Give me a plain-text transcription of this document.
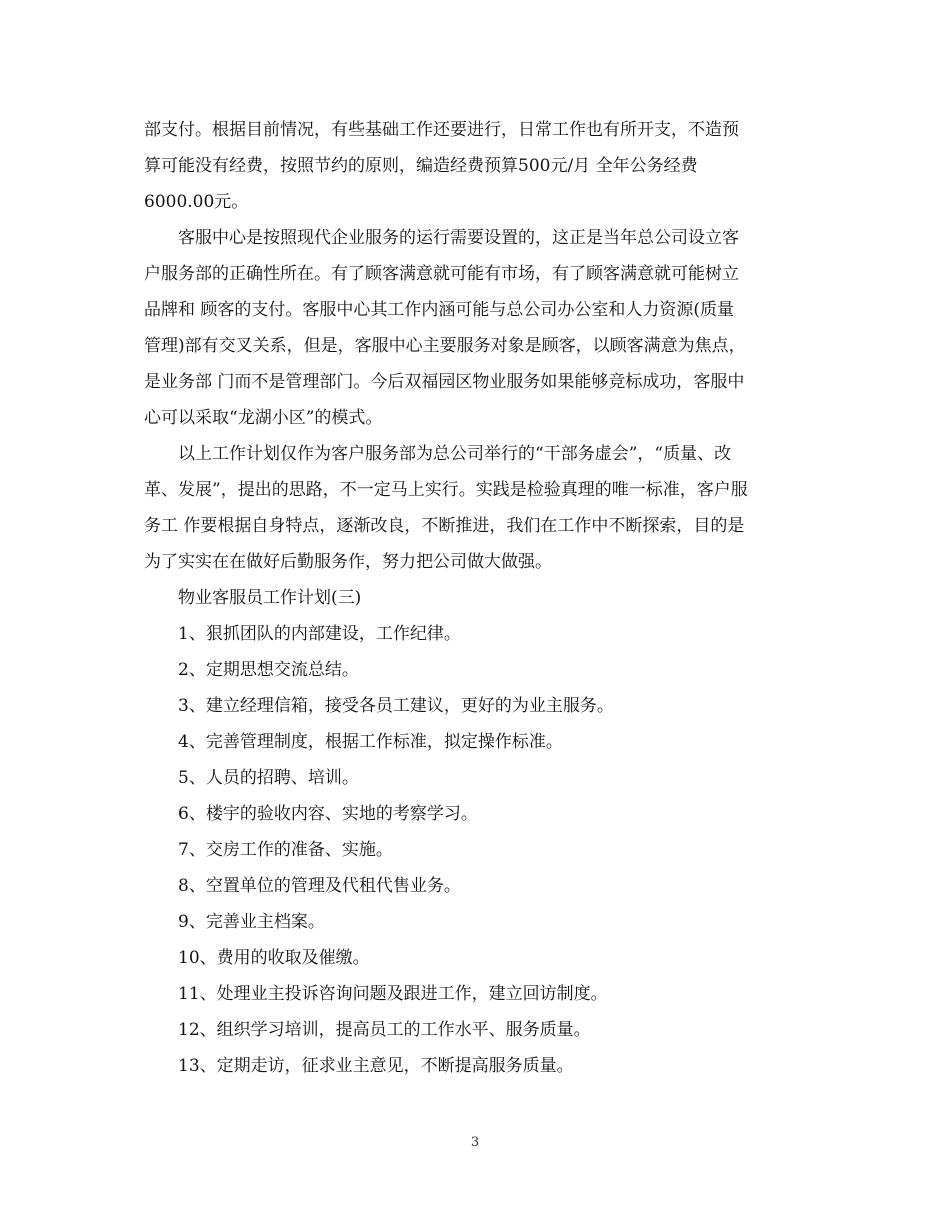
部支付。根据目前情况，有些基础工作还要进行，日常工作也有所开支，不造预
算可能没有经费，按照节约的原则，编造经费预算500元/月 全年公务经费
6000.00元。

客服中心是按照现代企业服务的运行需要设置的，这正是当年总公司设立客
户服务部的正确性所在。有了顾客满意就可能有市场，有了顾客满意就可能树立
品牌和 顾客的支付。客服中心其工作内涵可能与总公司办公室和人力资源(质量
管理)部有交叉关系，但是，客服中心主要服务对象是顾客，以顾客满意为焦点，
是业务部 门而不是管理部门。今后双福园区物业服务如果能够竞标成功，客服中
心可以采取“龙湖小区”的模式。

以上工作计划仅作为客户服务部为总公司举行的“干部务虚会”，“质量、改
革、发展”，提出的思路，不一定马上实行。实践是检验真理的唯一标准，客户服
务工 作要根据自身特点，逐渐改良，不断推进，我们在工作中不断探索，目的是
为了实实在在做好后勤服务作，努力把公司做大做强。

物业客服员工作计划(三)

1、狠抓团队的内部建设，工作纪律。

2、定期思想交流总结。

3、建立经理信箱，接受各员工建议，更好的为业主服务。

4、完善管理制度，根据工作标准，拟定操作标准。

5、人员的招聘、培训。

6、楼宇的验收内容、实地的考察学习。

7、交房工作的准备、实施。

8、空置单位的管理及代租代售业务。

9、完善业主档案。

10、费用的收取及催缴。

11、处理业主投诉咨询问题及跟进工作，建立回访制度。

12、组织学习培训，提高员工的工作水平、服务质量。

13、定期走访，征求业主意见，不断提高服务质量。

3
